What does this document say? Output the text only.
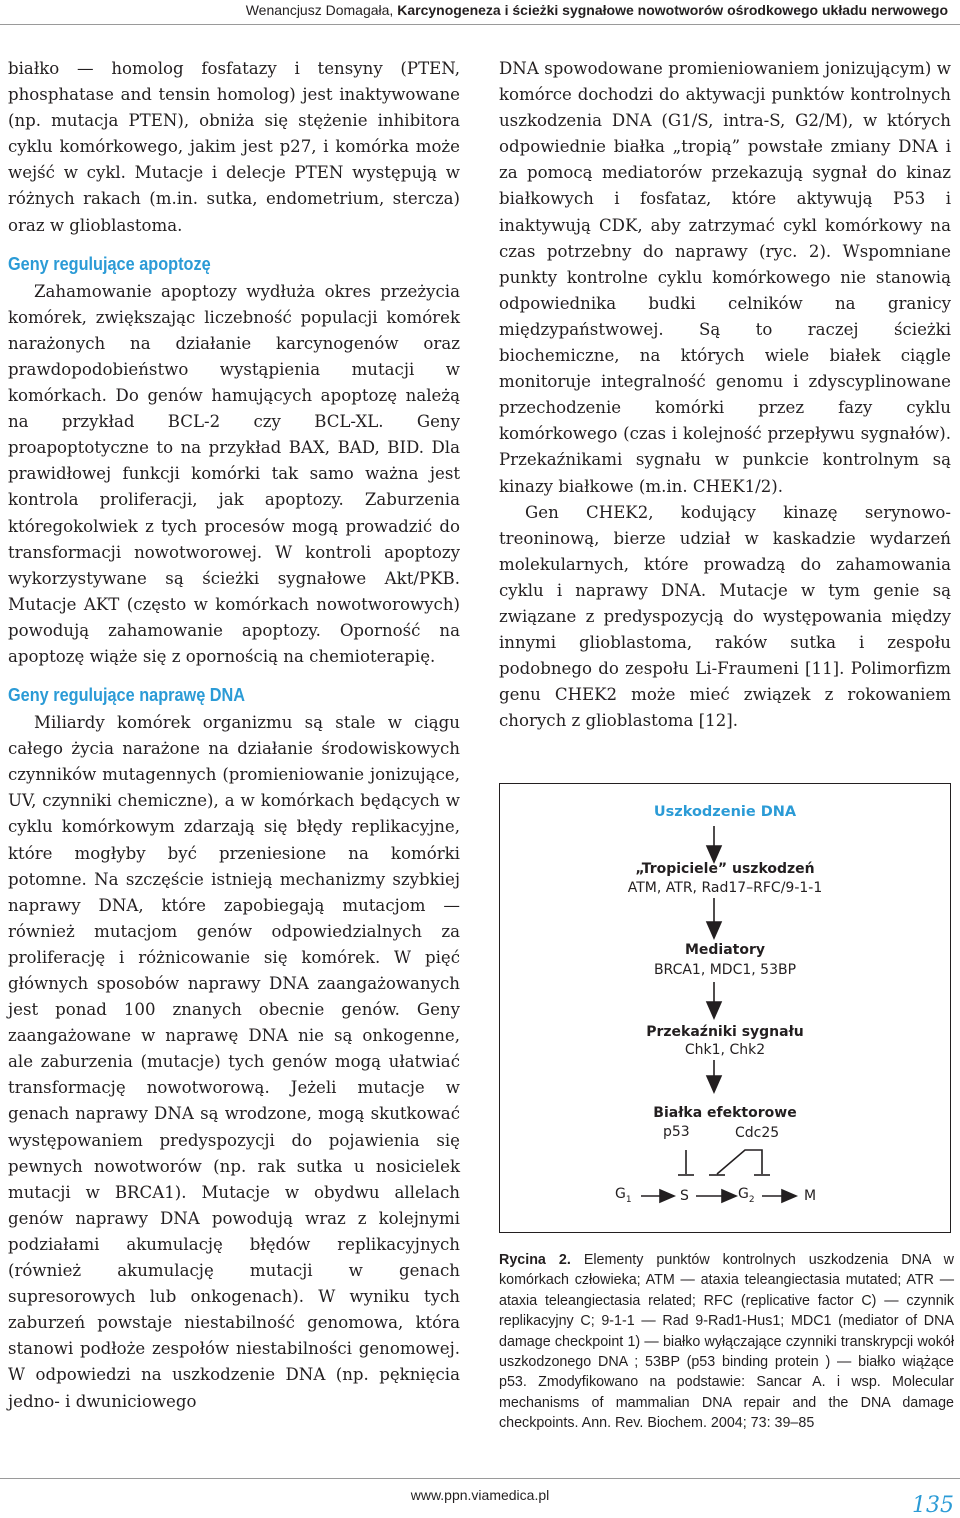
Wenancjusz Domagała, Karcynogeneza i ścieżki sygnałowe nowotworów ośrodkowego układu nerwowego

białko — homolog fosfatazy i tensyny (PTEN, phosphatase and tensin homolog) jest inaktywowane (np. mutacja PTEN), obniża się stężenie inhibitora cyklu komórkowego, jakim jest p27, i komórka może wejść w cykl. Mutacje i delecje PTEN występują w różnych rakach (m.in. sutka, endometrium, stercza) oraz w glioblastoma.

Geny regulujące apoptozę

Zahamowanie apoptozy wydłuża okres przeżycia komórek, zwiększając liczebność populacji komórek narażonych na działanie karcynogenów oraz prawdopodobieństwo wystąpienia mutacji w komórkach. Do genów hamujących apoptozę należą na przykład BCL-2 czy BCL-XL. Geny proapoptotyczne to na przykład BAX, BAD, BID. Dla prawidłowej funkcji komórki tak samo ważna jest kontrola proliferacji, jak apoptozy. Zaburzenia któregokolwiek z tych procesów mogą prowadzić do transformacji nowotworowej. W kontroli apoptozy wykorzystywane są ścieżki sygnałowe Akt/PKB. Mutacje AKT (często w komórkach nowotworowych) powodują zahamowanie apoptozy. Oporność na apoptozę wiąże się z opornością na chemioterapię.

Geny regulujące naprawę DNA

Miliardy komórek organizmu są stale w ciągu całego życia narażone na działanie środowiskowych czynników mutagennych (promieniowanie jonizujące, UV, czynniki chemiczne), a w komórkach będących w cyklu komórkowym zdarzają się błędy replikacyjne, które mogłyby być przeniesione na komórki potomne. Na szczęście istnieją mechanizmy szybkiej naprawy DNA, które zapobiegają mutacjom — również mutacjom genów odpowiedzialnych za proliferację i różnicowanie się komórek. W pięć głównych sposobów naprawy DNA zaangażowanych jest ponad 100 znanych obecnie genów. Geny zaangażowane w naprawę DNA nie są onkogenne, ale zaburzenia (mutacje) tych genów mogą ułatwiać transformację nowotworową. Jeżeli mutacje w genach naprawy DNA są wrodzone, mogą skutkować występowaniem predyspozycji do pojawienia się pewnych nowotworów (np. rak sutka u nosicielek mutacji w BRCA1). Mutacje w obydwu allelach genów naprawy DNA powodują wraz z kolejnymi podziałami akumulację błędów replikacyjnych (również akumulację mutacji w genach supresorowych lub onkogenach). W wyniku tych zaburzeń powstaje niestabilność genomowa, która stanowi podłoże zespołów niestabilności genomowej. W odpowiedzi na uszkodzenie DNA (np. pęknięcia jedno- i dwuniciowego

DNA spowodowane promieniowaniem jonizującym) w komórce dochodzi do aktywacji punktów kontrolnych uszkodzenia DNA (G1/S, intra-S, G2/M), w których odpowiednie białka „tropią” powstałe zmiany DNA i za pomocą mediatorów przekazują sygnał do kinaz białkowych i fosfataz, które aktywują P53 i inaktywują CDK, aby zatrzymać cykl komórkowy na czas potrzebny do naprawy (ryc. 2). Wspomniane punkty kontrolne cyklu komórkowego nie stanowią odpowiednika budki celników na granicy międzypaństwowej. Są to raczej ścieżki biochemiczne, na których wiele białek ciągle monitoruje integralność genomu i zdyscyplinowane przechodzenie komórki przez fazy cyklu komórkowego (czas i kolejność przepływu sygnałów). Przekaźnikami sygnału w punkcie kontrolnym są kinazy białkowe (m.in. CHEK1/2).

Gen CHEK2, kodujący kinazę serynowo-treoninową, bierze udział w kaskadzie wydarzeń molekularnych, które prowadzą do zahamowania cyklu i naprawy DNA. Mutacje w tym genie są związane z predyspozycją do występowania między innymi glioblastoma, raków sutka i zespołu podobnego do zespołu Li-Fraumeni [11]. Polimorfizm genu CHEK2 może mieć związek z rokowaniem chorych z glioblastoma [12].

Uszkodzenie DNA
„Tropiciele” uszkodzeń
ATM, ATR, Rad17–RFC/9-1-1
Mediatory
BRCA1, MDC1, 53BP
Przekaźniki sygnału
Chk1, Chk2
Białka efektorowe
p53	Cdc25
$G_1$	S	$G_2$	M
Rycina 2. Elementy punktów kontrolnych uszkodzenia DNA w komórkach człowieka; ATM — ataxia teleangiectasia mutated; ATR — ataxia teleangiectasia related; RFC (replicative factor C) — czynnik replikacyjny C; 9-1-1 — Rad 9-Rad1-Hus1; MDC1 (mediator of DNA damage checkpoint 1) — białko wyłączające czynniki transkrypcji wokół uszkodzonego DNA ; 53BP (p53 binding protein ) — białko wiążące p53. Zmodyfikowano na podstawie: Sancar A. i wsp. Molecular mechanisms of mammalian DNA repair and the DNA damage checkpoints. Ann. Rev. Biochem. 2004; 73: 39–85
www.ppn.viamedica.pl	135
